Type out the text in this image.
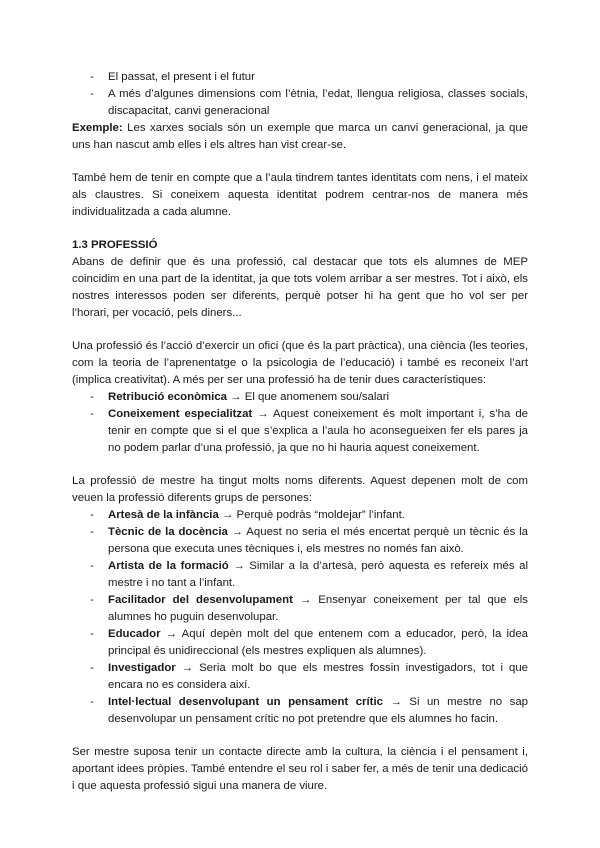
- El passat, el present i el futur
- A més d’algunes dimensions com l’ètnia, l’edat, llengua religiosa, classes socials, discapacitat, canvi generacional

Exemple: Les xarxes socials són un exemple que marca un canvi generacional, ja que uns han nascut amb elles i els altres han vist crear-se.

També hem de tenir en compte que a l’aula tindrem tantes identitats com nens, i el mateix als claustres. Si coneixem aquesta identitat podrem centrar-nos de manera més individualitzada a cada alumne.

1.3 PROFESSIÓ

Abans de definir que és una professió, cal destacar que tots els alumnes de MEP coincidim en una part de la identitat, ja que tots volem arribar a ser mestres. Tot i això, els nostres interessos poden ser diferents, perquè potser hi ha gent que ho vol ser per l’horari, per vocació, pels diners...

Una professió és l’acció d’exercir un ofici (que és la part pràctica), una ciència (les teories, com la teoria de l’aprenentatge o la psicologia de l’educació) i també es reconeix l’art (implica creativitat). A més per ser una professió ha de tenir dues característiques:

- Retribució econòmica → El que anomenem sou/salari
- Coneixement especialitzat → Aquest coneixement és molt important i, s’ha de tenir en compte que si el que s’explica a l’aula ho aconsegueixen fer els pares ja no podem parlar d’una professió, ja que no hi hauria aquest coneixement.

La professió de mestre ha tingut molts noms diferents. Aquest depenen molt de com veuen la professió diferents grups de persones:

- Artesà de la infància → Perquè podràs “moldejar” l’infant.
- Tècnic de la docència → Aquest no seria el més encertat perquè un tècnic és la persona que executa unes tècniques i, els mestres no només fan això.
- Artista de la formació → Similar a la d’artesà, però aquesta es refereix més al mestre i no tant a l’infant.
- Facilitador del desenvolupament → Ensenyar coneixement per tal que els alumnes ho puguin desenvolupar.
- Educador → Aquí depèn molt del que entenem com a educador, però, la idea principal és unidireccional (els mestres expliquen als alumnes).
- Investigador → Seria molt bo que els mestres fossin investigadors, tot i que encara no es considera així.
- Intel·lectual desenvolupant un pensament crític → Si un mestre no sap desenvolupar un pensament crític no pot pretendre que els alumnes ho facin.

Ser mestre suposa tenir un contacte directe amb la cultura, la ciència i el pensament i, aportant idees pròpies. També entendre el seu rol i saber fer, a més de tenir una dedicació i que aquesta professió sigui una manera de viure.
